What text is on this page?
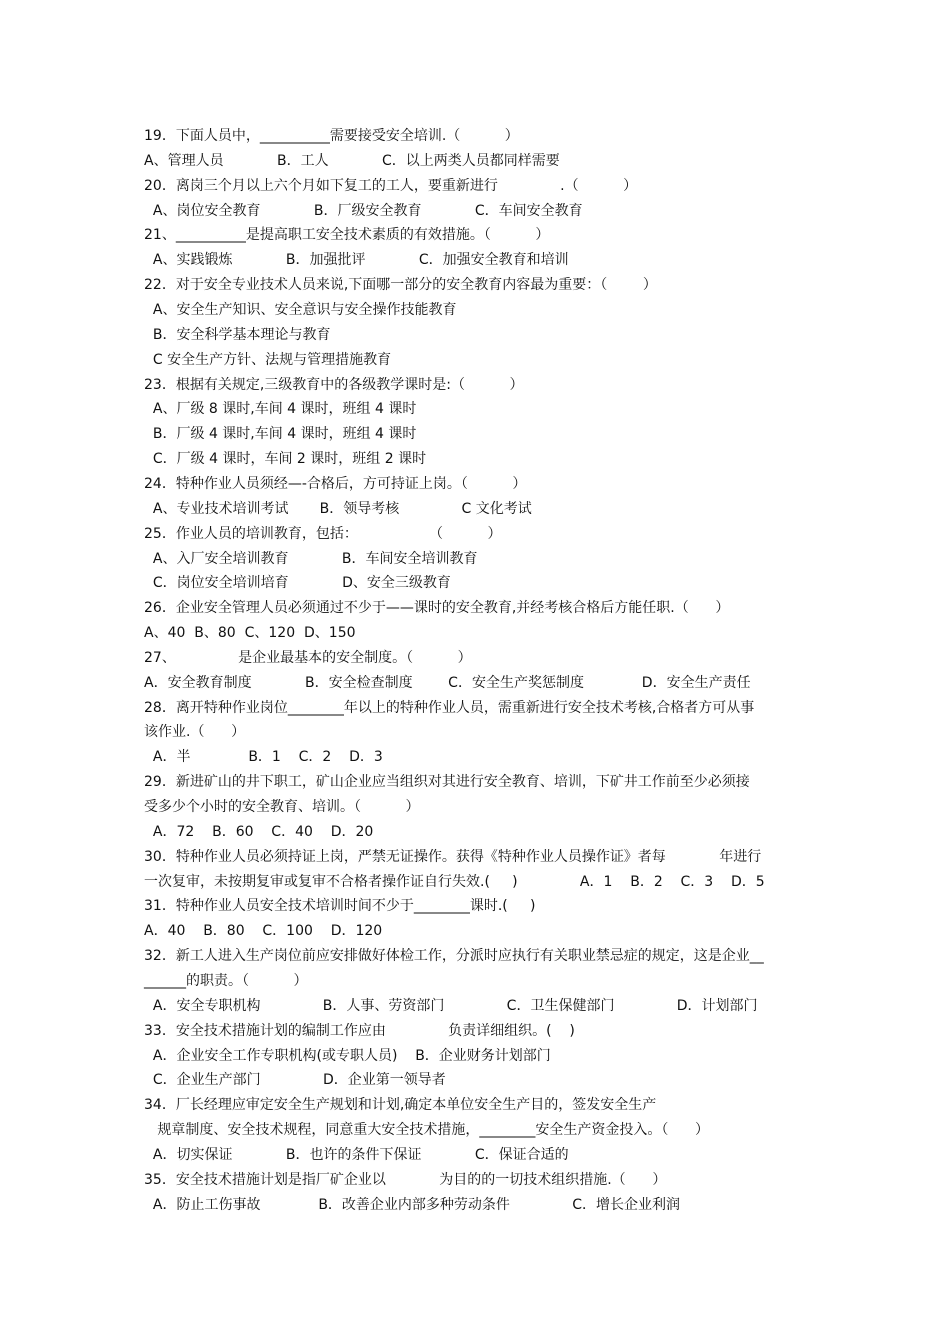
19．下面人员中，__________需要接受安全培训.（          ）
A、管理人员            B．工人            C．以上两类人员都同样需要
20．离岗三个月以上六个月如下复工的工人，要重新进行              .（          ）
A、岗位安全教育            B．厂级安全教育            C．车间安全教育
21、__________是提高职工安全技术素质的有效措施。（          ）
A、实践锻炼            B．加强批评            C．加强安全教育和培训
22．对于安全专业技术人员来说,下面哪一部分的安全教育内容最为重要：（        ）
A、安全生产知识、安全意识与安全操作技能教育
B．安全科学基本理论与教育
C 安全生产方针、法规与管理措施教育
23．根据有关规定,三级教育中的各级教学课时是:（          ）
A、厂级 8 课时,车间 4 课时，班组 4 课时
B．厂级 4 课时,车间 4 课时，班组 4 课时
C．厂级 4 课时，车间 2 课时，班组 2 课时
24．特种作业人员须经—-合格后，方可持证上岗。（          ）
A、专业技术培训考试       B．领导考核              C 文化考试
25．作业人员的培训教育，包括：                （          ）
A、入厂安全培训教育            B．车间安全培训教育
C．岗位安全培训培育            D、安全三级教育
26．企业安全管理人员必须通过不少于——课时的安全教育,并经考核合格后方能任职.（      ）
A、40  B、80  C、120  D、150
27、              是企业最基本的安全制度。（          ）
A．安全教育制度            B．安全检查制度        C．安全生产奖惩制度             D．安全生产责任
28．离开特种作业岗位________年以上的特种作业人员，需重新进行安全技术考核,合格者方可从事
该作业.（      ）
A．半             B．1    C．2    D．3
29．新进矿山的井下职工，矿山企业应当组织对其进行安全教育、培训，下矿井工作前至少必须接
受多少个小时的安全教育、培训。（          ）
A．72    B．60    C．40    D．20
30．特种作业人员必须持证上岗，严禁无证操作。获得《特种作业人员操作证》者每            年进行
一次复审，未按期复审或复审不合格者操作证自行失效.(     )              A．1    B．2    C．3    D．5
31．特种作业人员安全技术培训时间不少于________课时.(     )
A．40    B．80    C．100    D．120
32．新工人进入生产岗位前应安排做好体检工作，分派时应执行有关职业禁忌症的规定，这是企业__
______的职责。（          ）
A．安全专职机构              B．人事、劳资部门              C．卫生保健部门              D．计划部门
33．安全技术措施计划的编制工作应由              负责详细组织。(    )
A．企业安全工作专职机构(或专职人员)    B．企业财务计划部门
C．企业生产部门              D．企业第一领导者
34．厂长经理应审定安全生产规划和计划,确定本单位安全生产目的，签发安全生产
规章制度、安全技术规程，同意重大安全技术措施，________安全生产资金投入。（      ）
A．切实保证            B．也许的条件下保证            C．保证合适的
35．安全技术措施计划是指厂矿企业以            为目的的一切技术组织措施.（      ）
A．防止工伤事故             B．改善企业内部多种劳动条件              C．增长企业利润
